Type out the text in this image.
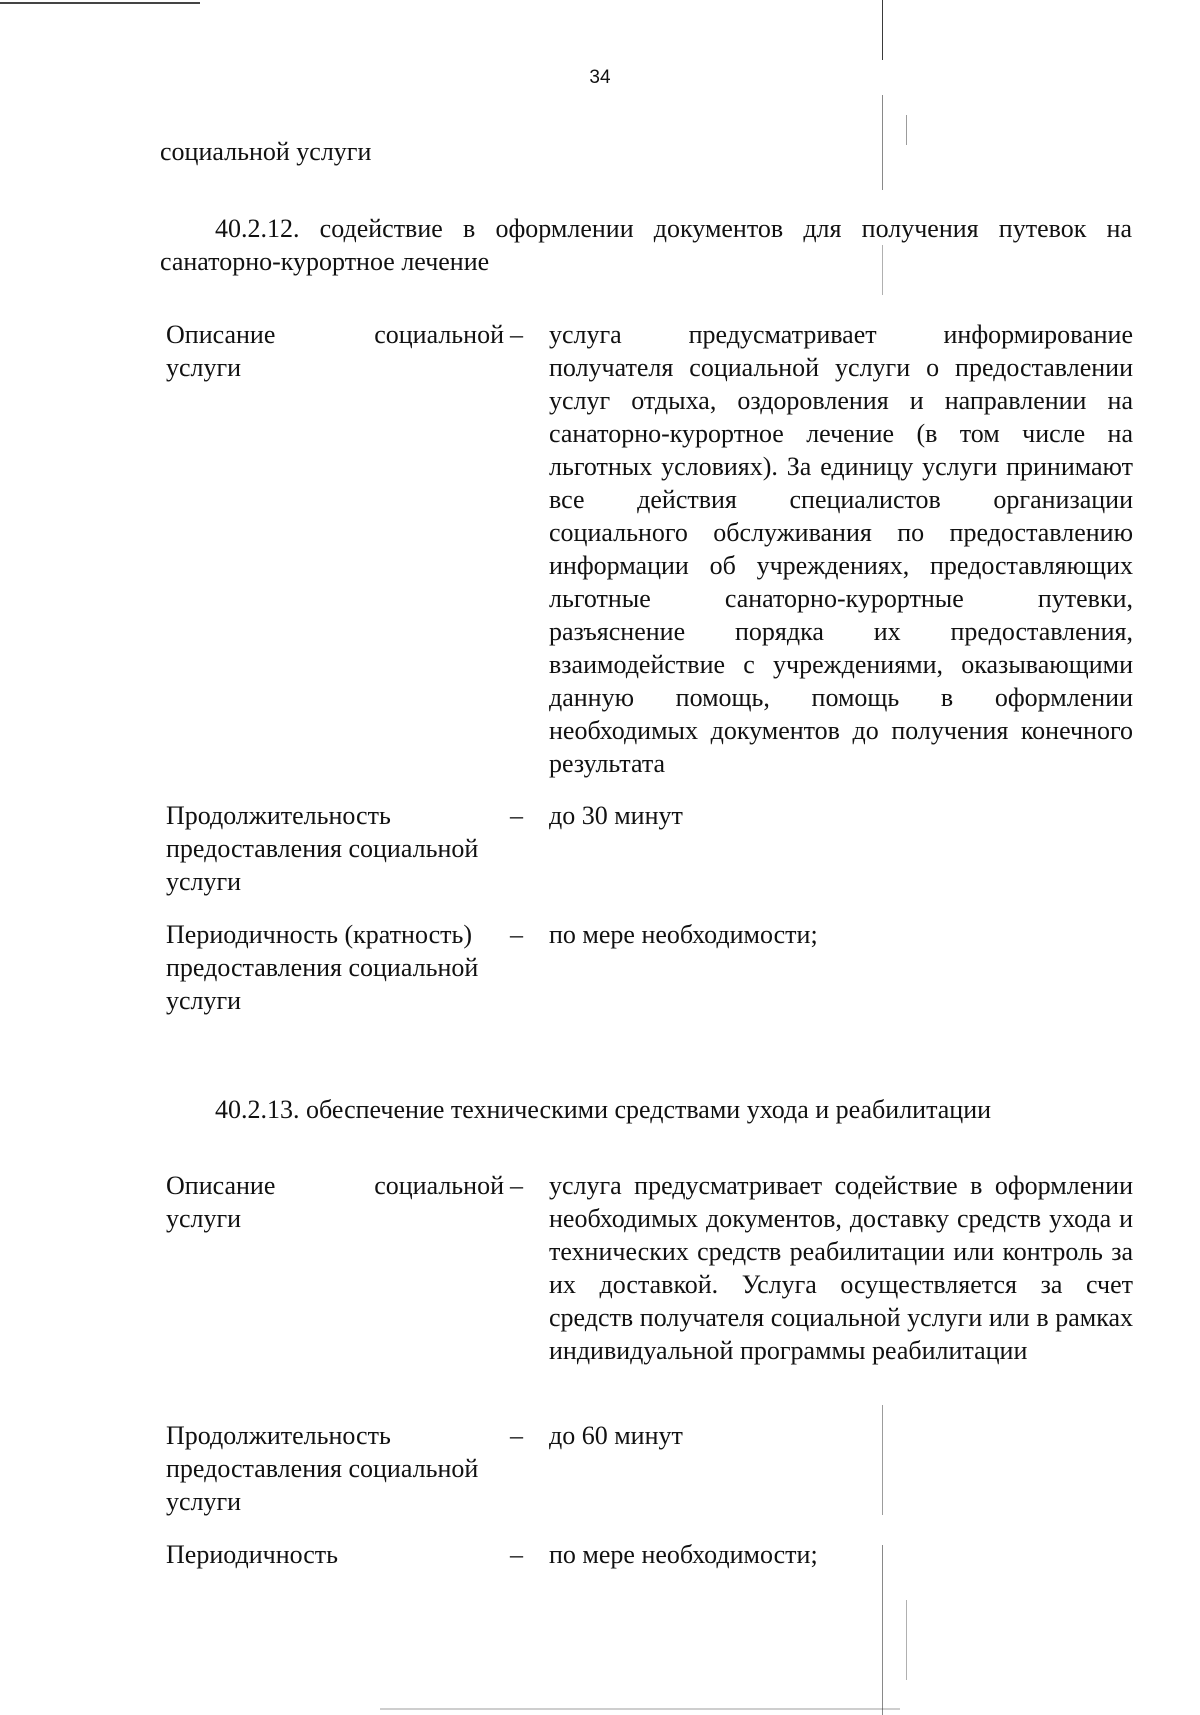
34
социальной услуги
40.2.12. содействие в оформлении документов для получения путевок на санаторно-курортное лечение
Описание социальной
услуги
– услуга предусматривает информирование получателя социальной услуги о предоставлении услуг отдыха, оздоровления и направлении на санаторно-курортное лечение (в том числе на льготных условиях). За единицу услуги принимают все действия специалистов организации социального обслуживания по предоставлению информации об учреждениях, предоставляющих льготные санаторно-курортные путевки, разъяснение порядка их предоставления, взаимодействие с учреждениями, оказывающими данную помощь, помощь в оформлении необходимых документов до получения конечного результата
Продолжительность предоставления социальной услуги
– до 30 минут
Периодичность (кратность) предоставления социальной услуги
– по мере необходимости;
40.2.13. обеспечение техническими средствами ухода и реабилитации
Описание социальной
услуги
– услуга предусматривает содействие в оформлении необходимых документов, доставку средств ухода и технических средств реабилитации или контроль за их доставкой. Услуга осуществляется за счет средств получателя социальной услуги или в рамках индивидуальной программы реабилитации
Продолжительность предоставления социальной услуги
– до 60 минут
Периодичность	– по мере необходимости;
